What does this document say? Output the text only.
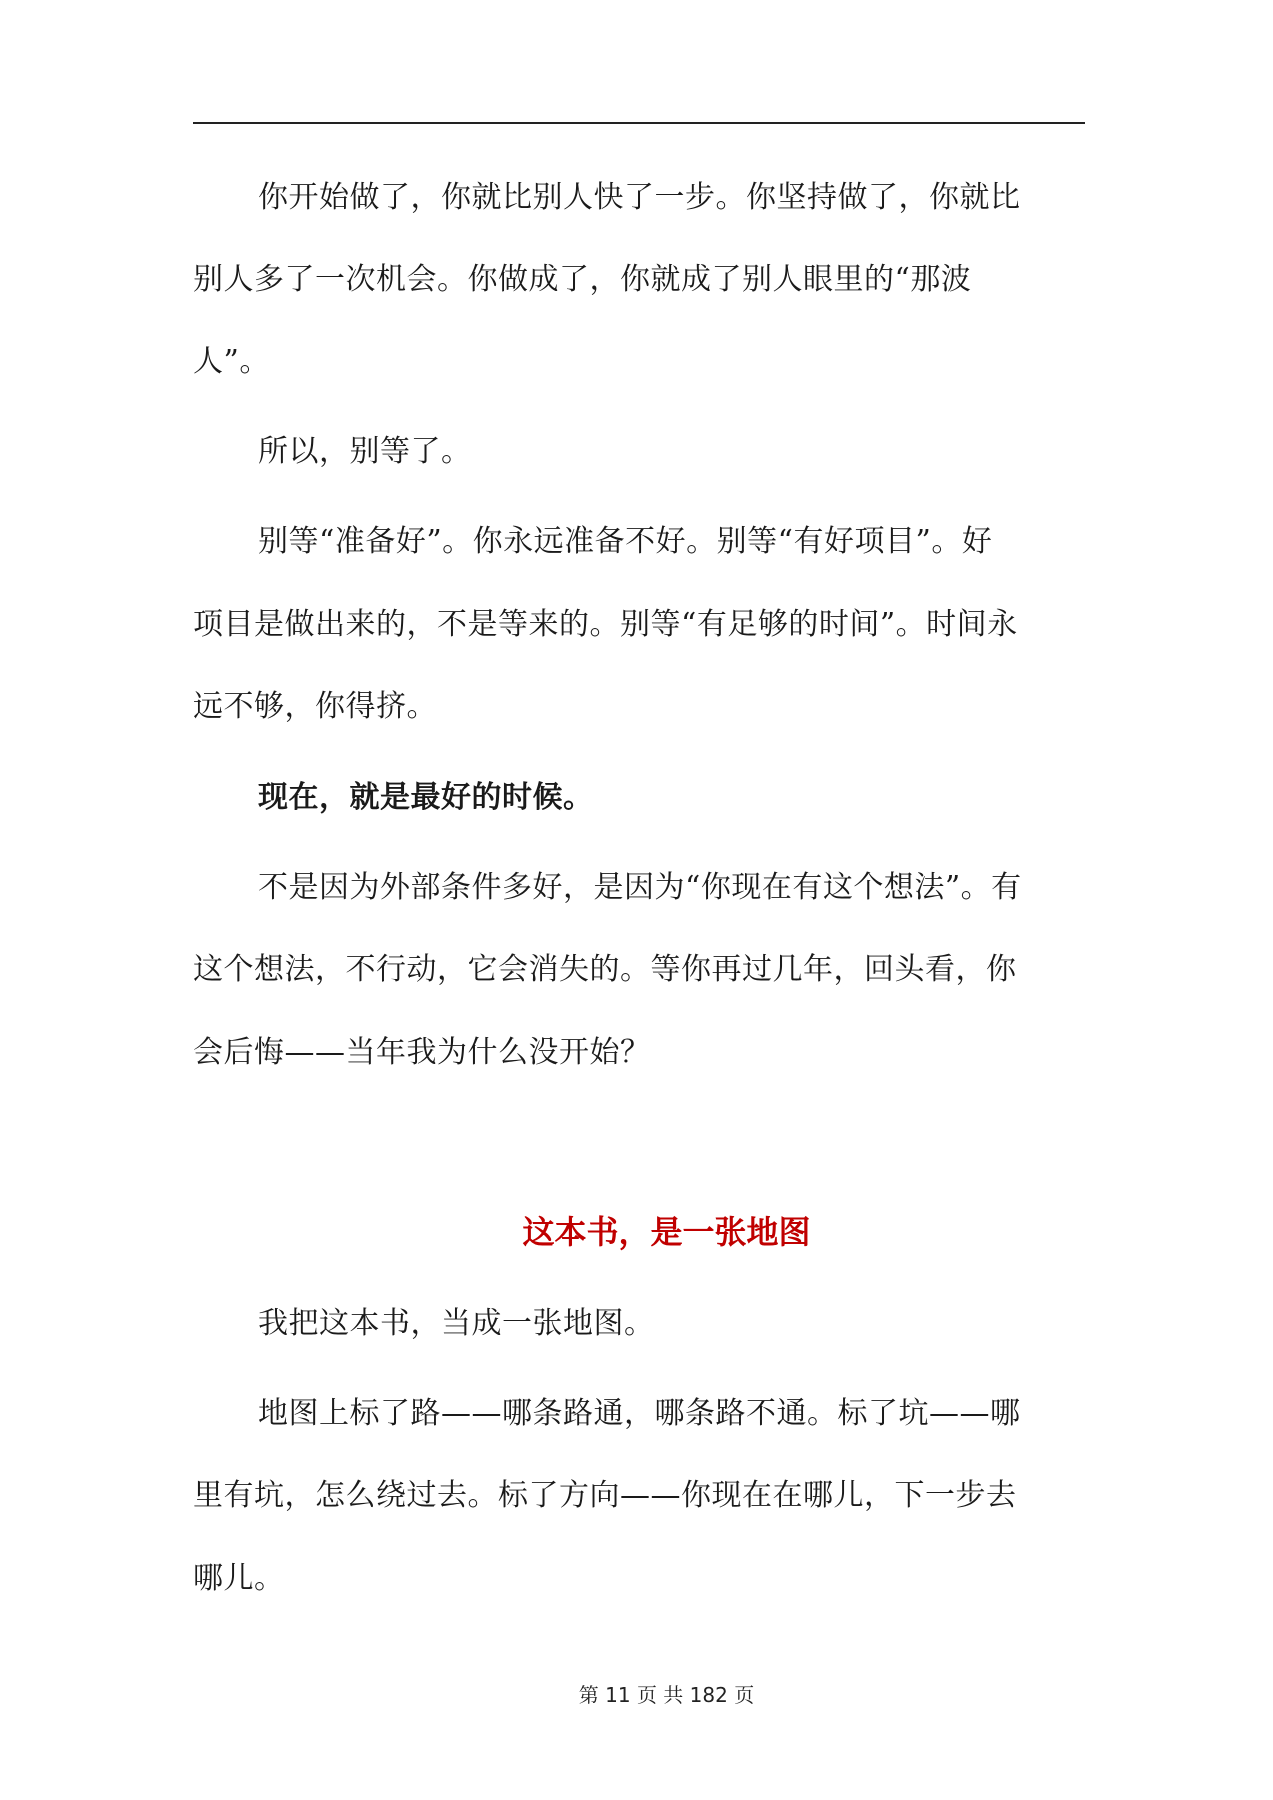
你开始做了，你就比别人快了一步。你坚持做了，你就比

别人多了一次机会。你做成了，你就成了别人眼里的“那波

人”。

所以，别等了。

别等“准备好”。你永远准备不好。别等“有好项目”。好

项目是做出来的，不是等来的。别等“有足够的时间”。时间永

远不够，你得挤。

现在，就是最好的时候。

不是因为外部条件多好，是因为“你现在有这个想法”。有

这个想法，不行动，它会消失的。等你再过几年，回头看，你

会后悔——当年我为什么没开始？

这本书，是一张地图

我把这本书，当成一张地图。

地图上标了路——哪条路通，哪条路不通。标了坑——哪

里有坑，怎么绕过去。标了方向——你现在在哪儿，下一步去

哪儿。

第 11 页 共 182 页
